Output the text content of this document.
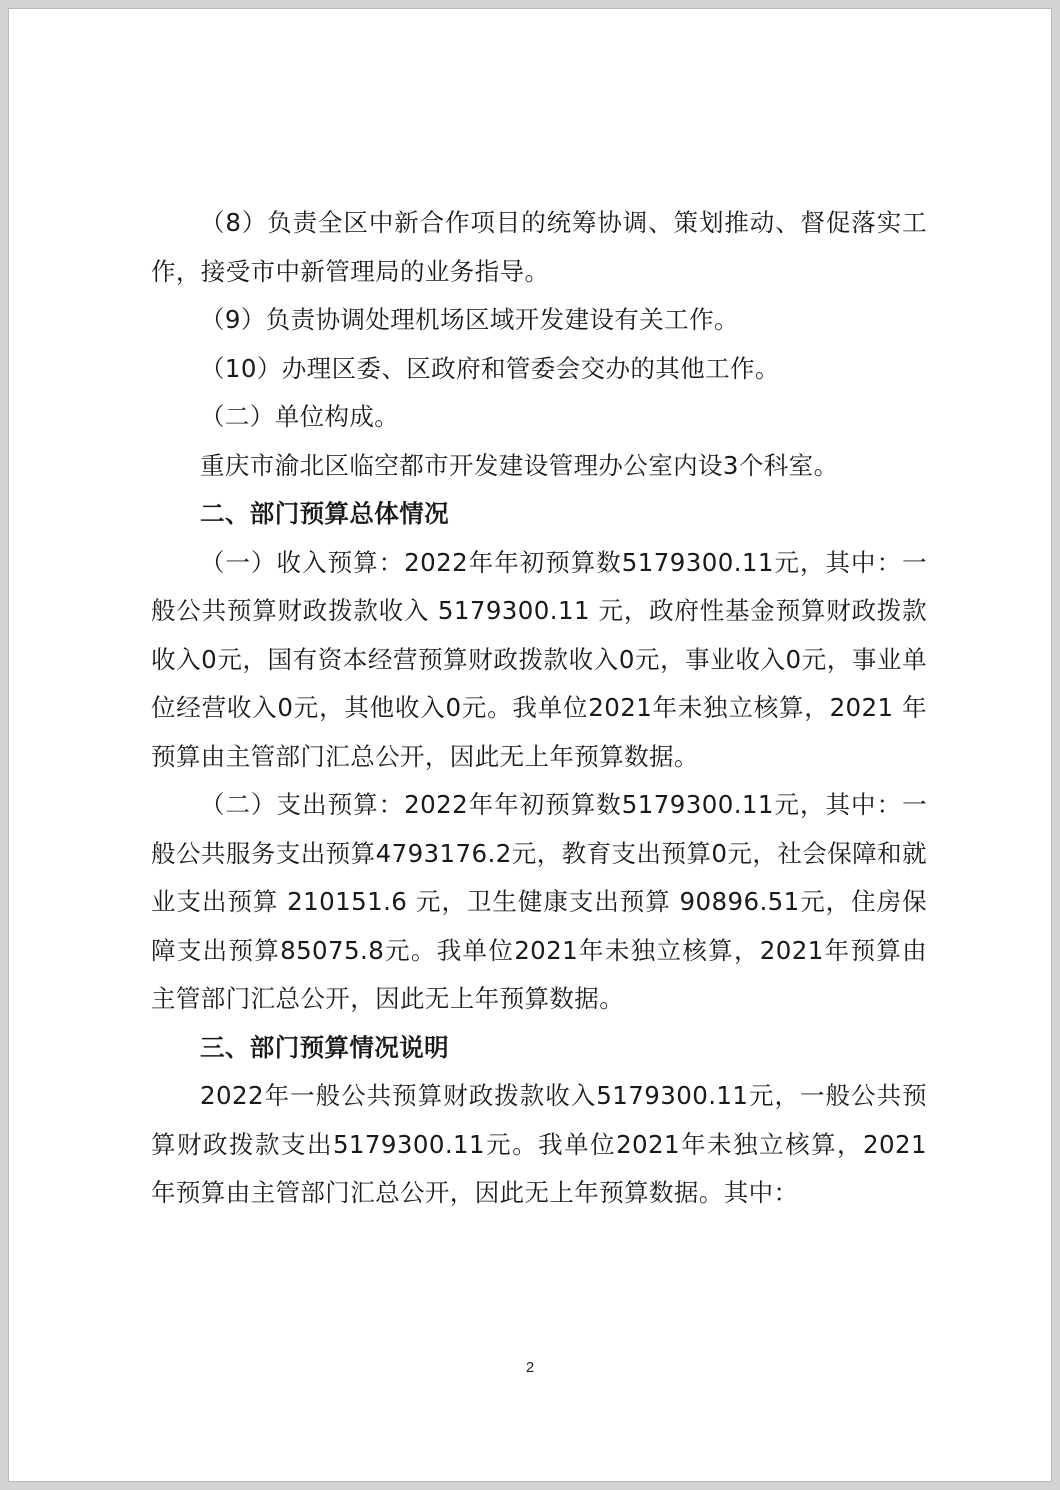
（8）负责全区中新合作项目的统筹协调、策划推动、督促落实工作，接受市中新管理局的业务指导。

（9）负责协调处理机场区域开发建设有关工作。

（10）办理区委、区政府和管委会交办的其他工作。

（二）单位构成。

重庆市渝北区临空都市开发建设管理办公室内设3个科室。

二、部门预算总体情况

（一）收入预算：2022年年初预算数5179300.11元，其中：一般公共预算财政拨款收入 5179300.11 元，政府性基金预算财政拨款收入0元，国有资本经营预算财政拨款收入0元，事业收入0元，事业单位经营收入0元，其他收入0元。我单位2021年未独立核算，2021 年预算由主管部门汇总公开，因此无上年预算数据。

（二）支出预算：2022年年初预算数5179300.11元，其中：一般公共服务支出预算4793176.2元，教育支出预算0元，社会保障和就业支出预算 210151.6 元，卫生健康支出预算 90896.51元，住房保障支出预算85075.8元。我单位2021年未独立核算，2021年预算由主管部门汇总公开，因此无上年预算数据。

三、部门预算情况说明

2022年一般公共预算财政拨款收入5179300.11元，一般公共预算财政拨款支出5179300.11元。我单位2021年未独立核算，2021年预算由主管部门汇总公开，因此无上年预算数据。其中：

2
